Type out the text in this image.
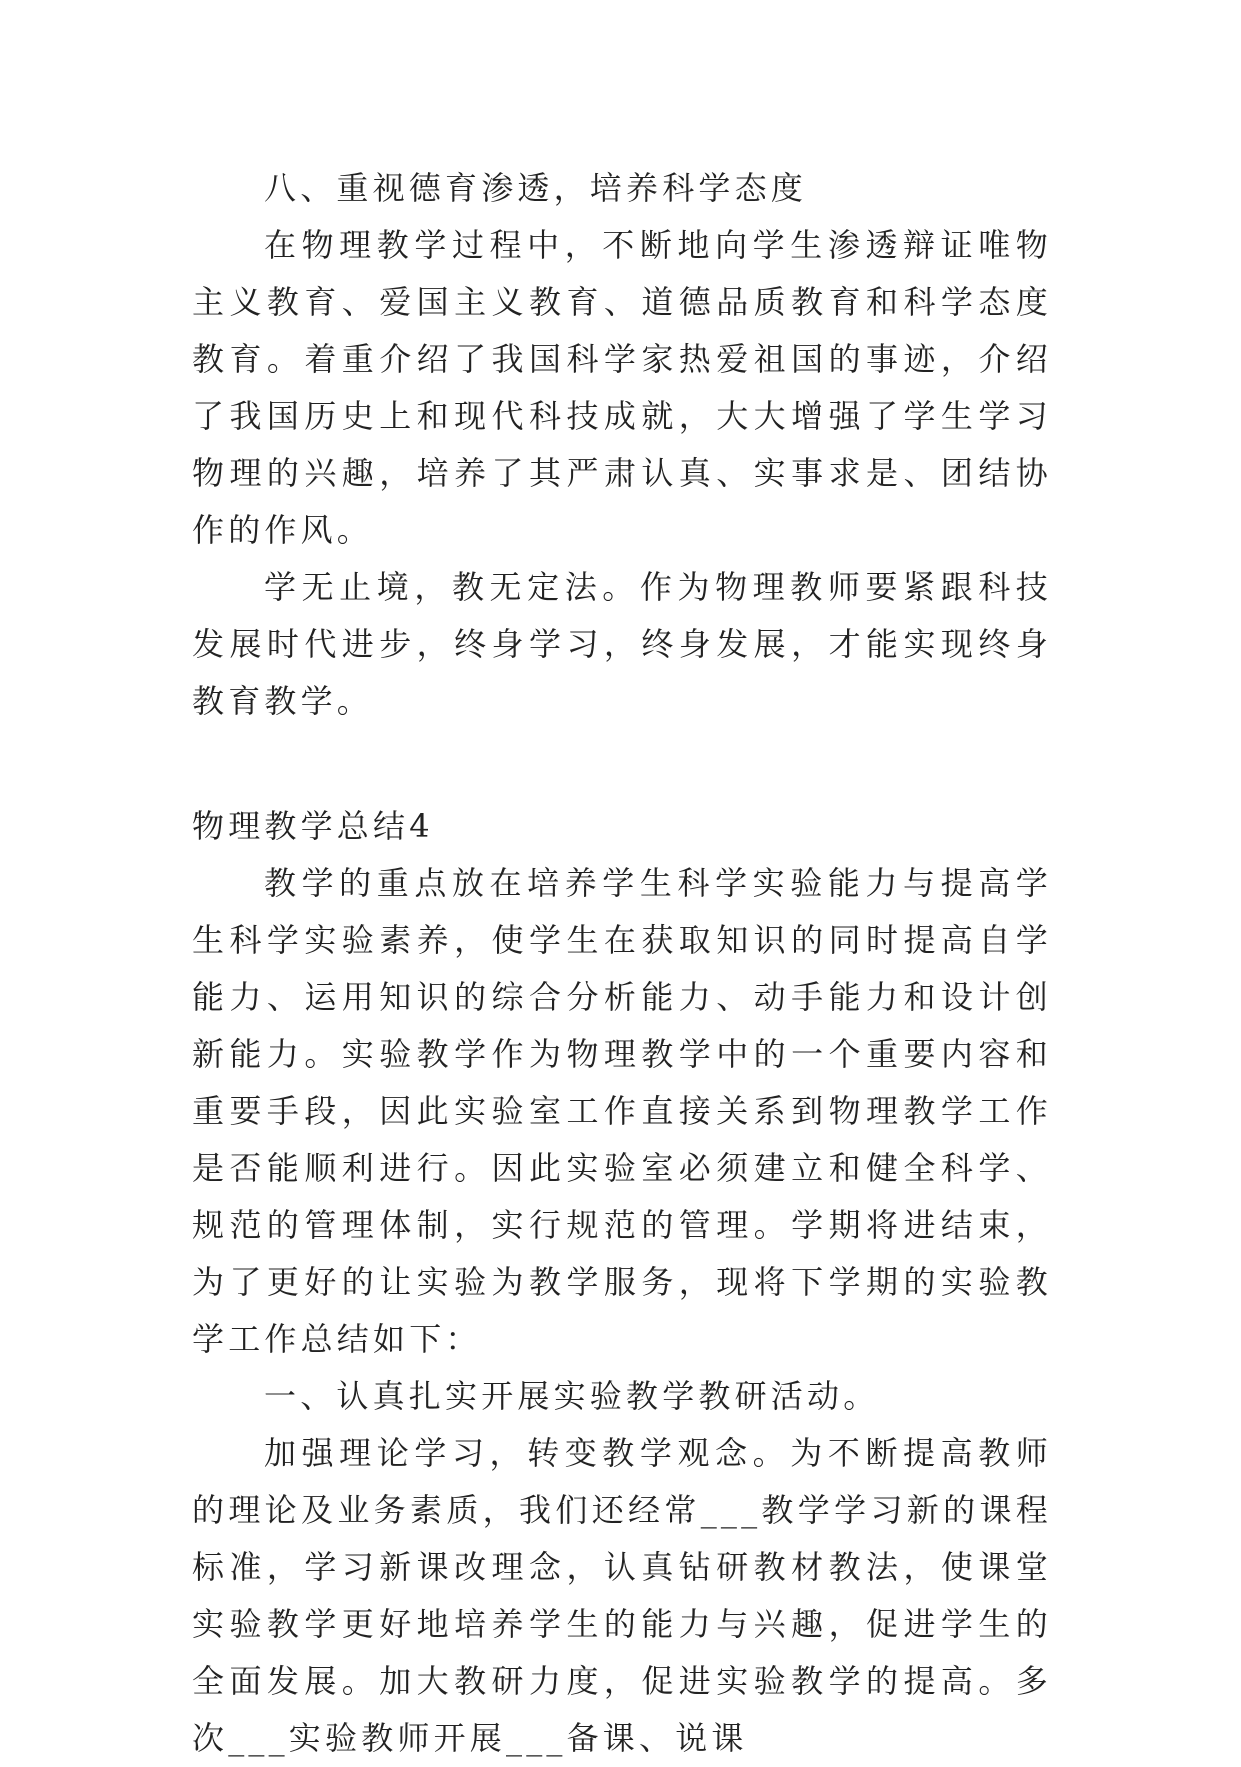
八、重视德育渗透，培养科学态度

在物理教学过程中，不断地向学生渗透辩证唯物主义教育、爱国主义教育、道德品质教育和科学态度教育。着重介绍了我国科学家热爱祖国的事迹，介绍了我国历史上和现代科技成就，大大增强了学生学习物理的兴趣，培养了其严肃认真、实事求是、团结协作的作风。

学无止境，教无定法。作为物理教师要紧跟科技发展时代进步，终身学习，终身发展，才能实现终身教育教学。

物理教学总结4

教学的重点放在培养学生科学实验能力与提高学生科学实验素养，使学生在获取知识的同时提高自学能力、运用知识的综合分析能力、动手能力和设计创新能力。实验教学作为物理教学中的一个重要内容和重要手段，因此实验室工作直接关系到物理教学工作是否能顺利进行。因此实验室必须建立和健全科学、规范的管理体制，实行规范的管理。学期将进结束，为了更好的让实验为教学服务，现将下学期的实验教学工作总结如下：

一、认真扎实开展实验教学教研活动。

加强理论学习，转变教学观念。为不断提高教师的理论及业务素质，我们还经常___教学学习新的课程标准，学习新课改理念，认真钻研教材教法，使课堂实验教学更好地培养学生的能力与兴趣，促进学生的全面发展。加大教研力度，促进实验教学的提高。多次___实验教师开展___备课、说课
